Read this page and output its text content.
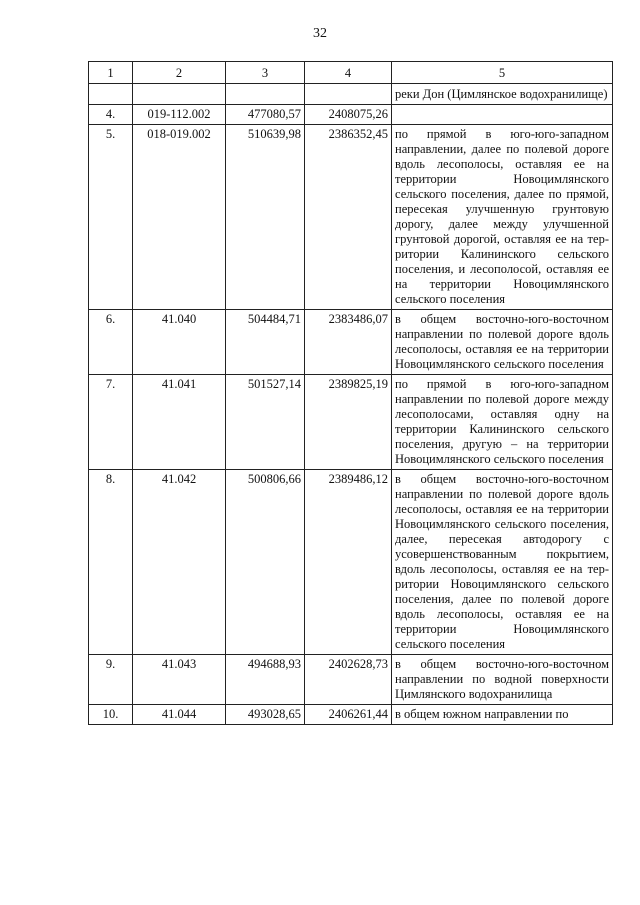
32
1	2	3	4	5
				реки Дон (Цимлянское водохранилище)
4.	019-112.002	477080,57	2408075,26	
5.	018-019.002	510639,98	2386352,45	по прямой в юго-юго-западном направлении, далее по полевой дороге вдоль лесополосы, оставляя ее на территории Новоцимлянского сельского поселения, далее по прямой, пересекая улучшенную грунтовую дорогу, далее между улучшенной грунтовой дорогой, оставляя ее на территории Калининского сельского поселения, и лесополосой, оставляя ее на территории Новоцимлянского сельского поселения
6.	41.040	504484,71	2383486,07	в общем восточно-юго-восточном направлении по полевой дороге вдоль лесополосы, оставляя ее на территории Новоцимлянского сельского поселения
7.	41.041	501527,14	2389825,19	по прямой в юго-юго-западном направлении по полевой дороге между лесополосами, оставляя одну на территории Калининского сельского поселения, другую – на территории Новоцимлянского сельского поселения
8.	41.042	500806,66	2389486,12	в общем восточно-юго-восточном направлении по полевой дороге вдоль лесополосы, оставляя ее на территории Новоцимлянского сельского поселения, далее, пересекая автодорогу с усовершенствованным покрытием, вдоль лесополосы, оставляя ее на территории Новоцимлянского сельского поселения, далее по полевой дороге вдоль лесополосы, оставляя ее на территории Новоцимлянского сельского поселения
9.	41.043	494688,93	2402628,73	в общем восточно-юго-восточном направлении по водной поверхности Цимлянского водохранилища
10.	41.044	493028,65	2406261,44	в общем южном направлении по
